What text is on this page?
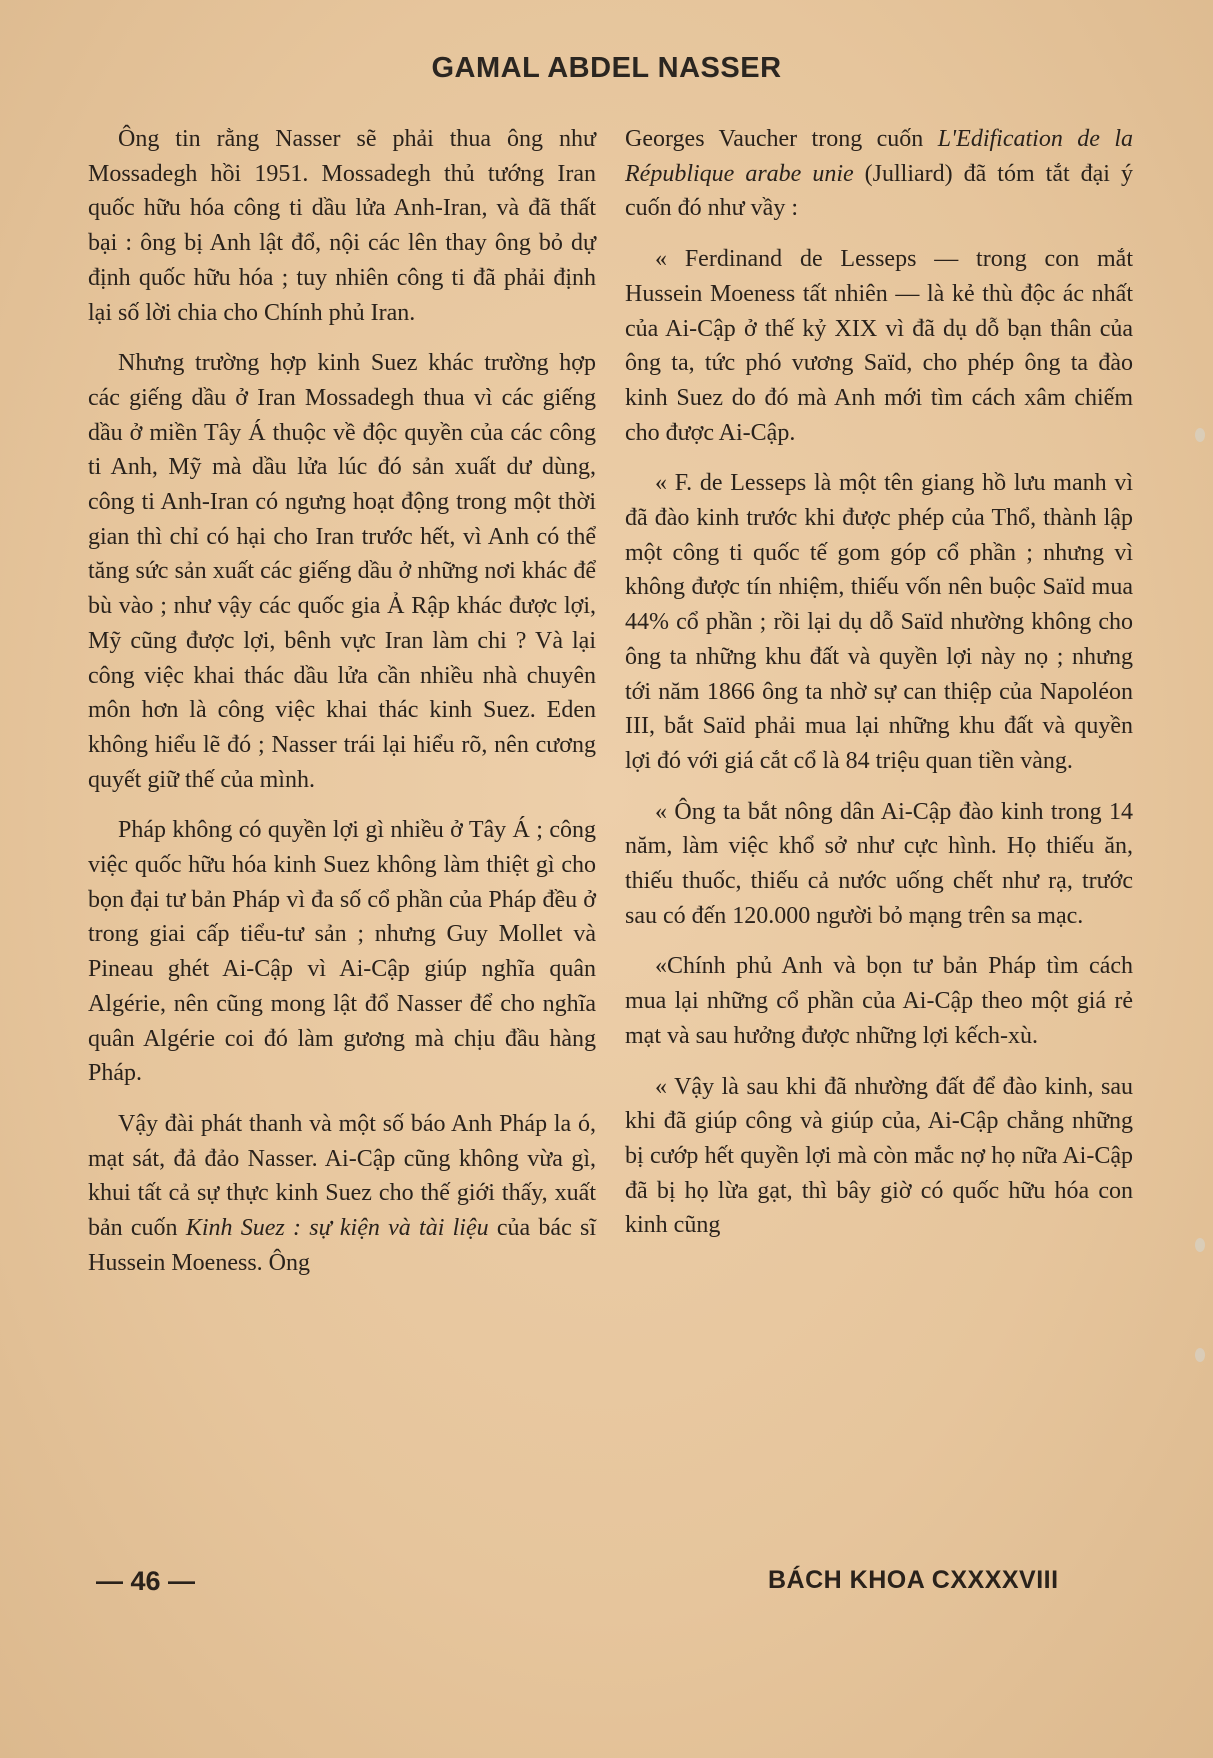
GAMAL ABDEL NASSER

Ông tin rằng Nasser sẽ phải thua ông như Mossadegh hồi 1951. Mossadegh thủ tướng Iran quốc hữu hóa công ti dầu lửa Anh-Iran, và đã thất bại : ông bị Anh lật đổ, nội các lên thay ông bỏ dự định quốc hữu hóa ; tuy nhiên công ti đã phải định lại số lời chia cho Chính phủ Iran.

Nhưng trường hợp kinh Suez khác trường hợp các giếng dầu ở Iran Mossadegh thua vì các giếng dầu ở miền Tây Á thuộc về độc quyền của các công ti Anh, Mỹ mà dầu lửa lúc đó sản xuất dư dùng, công ti Anh-Iran có ngưng hoạt động trong một thời gian thì chỉ có hại cho Iran trước hết, vì Anh có thể tăng sức sản xuất các giếng dầu ở những nơi khác để bù vào ; như vậy các quốc gia Ả Rập khác được lợi, Mỹ cũng được lợi, bênh vực Iran làm chi ? Và lại công việc khai thác dầu lửa cần nhiều nhà chuyên môn hơn là công việc khai thác kinh Suez. Eden không hiểu lẽ đó ; Nasser trái lại hiểu rõ, nên cương quyết giữ thế của mình.

Pháp không có quyền lợi gì nhiều ở Tây Á ; công việc quốc hữu hóa kinh Suez không làm thiệt gì cho bọn đại tư bản Pháp vì đa số cổ phần của Pháp đều ở trong giai cấp tiểu-tư sản ; nhưng Guy Mollet và Pineau ghét Ai-Cập vì Ai-Cập giúp nghĩa quân Algérie, nên cũng mong lật đổ Nasser để cho nghĩa quân Algérie coi đó làm gương mà chịu đầu hàng Pháp.

Vậy đài phát thanh và một số báo Anh Pháp la ó, mạt sát, đả đảo Nasser. Ai-Cập cũng không vừa gì, khui tất cả sự thực kinh Suez cho thế giới thấy, xuất bản cuốn Kinh Suez : sự kiện và tài liệu của bác sĩ Hussein Moeness. Ông

Georges Vaucher trong cuốn L'Edification de la République arabe unie (Julliard) đã tóm tắt đại ý cuốn đó như vầy :

« Ferdinand de Lesseps — trong con mắt Hussein Moeness tất nhiên — là kẻ thù độc ác nhất của Ai-Cập ở thế kỷ XIX vì đã dụ dỗ bạn thân của ông ta, tức phó vương Saïd, cho phép ông ta đào kinh Suez do đó mà Anh mới tìm cách xâm chiếm cho được Ai-Cập.

« F. de Lesseps là một tên giang hồ lưu manh vì đã đào kinh trước khi được phép của Thổ, thành lập một công ti quốc tế gom góp cổ phần ; nhưng vì không được tín nhiệm, thiếu vốn nên buộc Saïd mua 44% cổ phần ; rồi lại dụ dỗ Saïd nhường không cho ông ta những khu đất và quyền lợi này nọ ; nhưng tới năm 1866 ông ta nhờ sự can thiệp của Napoléon III, bắt Saïd phải mua lại những khu đất và quyền lợi đó với giá cắt cổ là 84 triệu quan tiền vàng.

« Ông ta bắt nông dân Ai-Cập đào kinh trong 14 năm, làm việc khổ sở như cực hình. Họ thiếu ăn, thiếu thuốc, thiếu cả nước uống chết như rạ, trước sau có đến 120.000 người bỏ mạng trên sa mạc.

«Chính phủ Anh và bọn tư bản Pháp tìm cách mua lại những cổ phần của Ai-Cập theo một giá rẻ mạt và sau hưởng được những lợi kếch-xù.

« Vậy là sau khi đã nhường đất để đào kinh, sau khi đã giúp công và giúp của, Ai-Cập chẳng những bị cướp hết quyền lợi mà còn mắc nợ họ nữa Ai-Cập đã bị họ lừa gạt, thì bây giờ có quốc hữu hóa con kinh cũng

— 46 —	BÁCH KHOA CXXXXVIII
